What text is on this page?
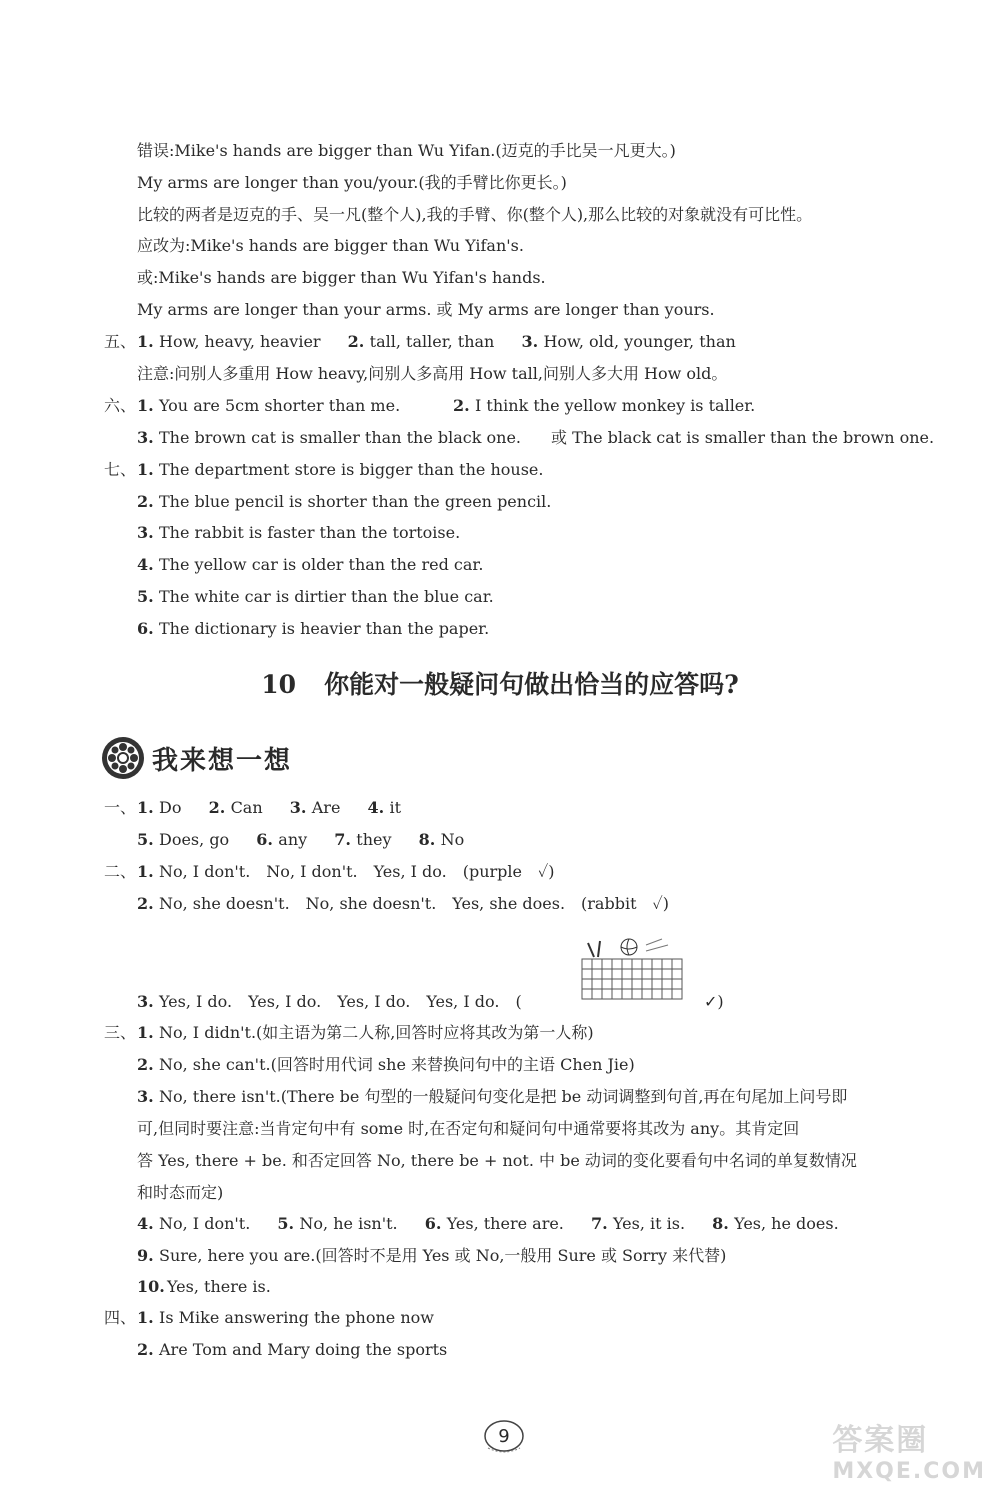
错误:Mike's hands are bigger than Wu Yifan.(迈克的手比吴一凡更大。)
My arms are longer than you/your.(我的手臂比你更长。)
比较的两者是迈克的手、吴一凡(整个人),我的手臂、你(整个人),那么比较的对象就没有可比性。
应改为:Mike's hands are bigger than Wu Yifan's.
或:Mike's hands are bigger than Wu Yifan's hands.
My arms are longer than your arms. 或 My arms are longer than yours.
五、 1. How, heavy, heavier 2. tall, taller, than 3. How, old, younger, than
注意:问别人多重用 How heavy,问别人多高用 How tall,问别人多大用 How old。
六、 1. You are 5cm shorter than me.	2. I think the yellow monkey is taller.
3. The brown cat is smaller than the black one. 或 The black cat is smaller than the brown one.
七、 1. The department store is bigger than the house.
2. The blue pencil is shorter than the green pencil.
3. The rabbit is faster than the tortoise.
4. The yellow car is older than the red car.
5. The white car is dirtier than the blue car.
6. The dictionary is heavier than the paper.
10 你能对一般疑问句做出恰当的应答吗?
我来想一想
一、 1. Do 2. Can 3. Are 4. it
5. Does, go 6. any 7. they 8. No
二、 1. No, I don't.　No, I don't.　Yes, I do.　(purple　✓)
2. No, she doesn't.　No, she doesn't.　Yes, she does.　(rabbit　✓)
3. Yes, I do.　Yes, I do.　Yes, I do.　Yes, I do.　(	✓)
三、 1. No, I didn't.(如主语为第二人称,回答时应将其改为第一人称)
2. No, she can't.(回答时用代词 she 来替换问句中的主语 Chen Jie)
3. No, there isn't.(There be 句型的一般疑问句变化是把 be 动词调整到句首,再在句尾加上问号即
可,但同时要注意:当肯定句中有 some 时,在否定句和疑问句中通常要将其改为 any。其肯定回
答 Yes, there + be. 和否定回答 No, there be + not. 中 be 动词的变化要看句中名词的单复数情况
和时态而定)
4. No, I don't. 5. No, he isn't. 6. Yes, there are. 7. Yes, it is. 8. Yes, he does.
9. Sure, here you are.(回答时不是用 Yes 或 No,一般用 Sure 或 Sorry 来代替)
10. Yes, there is.
四、 1. Is Mike answering the phone now
2. Are Tom and Mary doing the sports
9	答案圈
MXQE.COM
